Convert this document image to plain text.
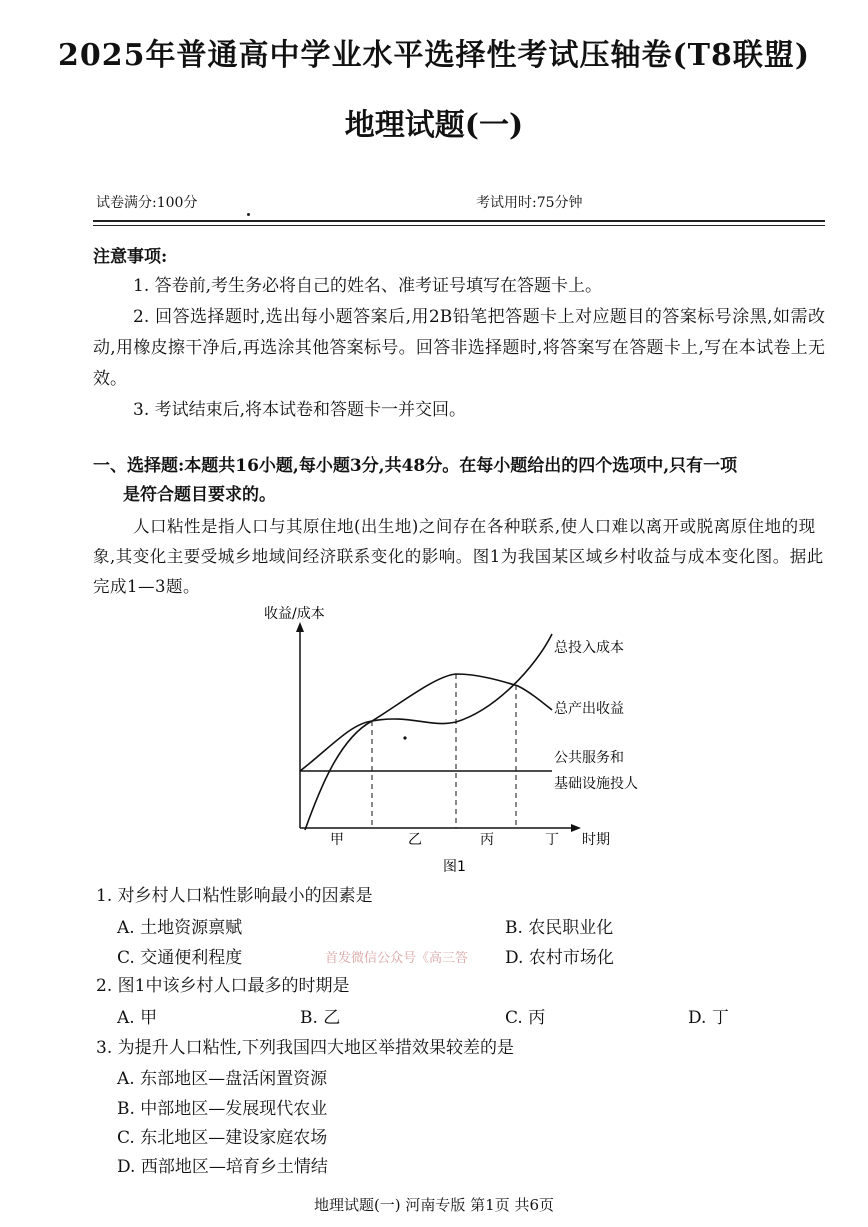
2025年普通高中学业水平选择性考试压轴卷(T8联盟)
地理试题(一)
试卷满分:100分	考试用时:75分钟
注意事项:
1. 答卷前,考生务必将自己的姓名、准考证号填写在答题卡上。
2. 回答选择题时,选出每小题答案后,用2B铅笔把答题卡上对应题目的答案标号涂黑,如需改动,用橡皮擦干净后,再选涂其他答案标号。回答非选择题时,将答案写在答题卡上,写在本试卷上无效。
3. 考试结束后,将本试卷和答题卡一并交回。
一、选择题:本题共16小题,每小题3分,共48分。在每小题给出的四个选项中,只有一项
是符合题目要求的。
人口粘性是指人口与其原住地(出生地)之间存在各种联系,使人口难以离开或脱离原住地的现象,其变化主要受城乡地域间经济联系变化的影响。图1为我国某区域乡村收益与成本变化图。据此完成1—3题。
收益/成本
时期
总投入成本
总产出收益
公共服务和
基础设施投人
甲	乙	丙	丁
图1
1. 对乡村人口粘性影响最小的因素是
A. 土地资源禀赋	B. 农民职业化
C. 交通便利程度	首发微信公众号《高三答 D. 农村市场化
2. 图1中该乡村人口最多的时期是
A. 甲	B. 乙	C. 丙	D. 丁
3. 为提升人口粘性,下列我国四大地区举措效果较差的是
A. 东部地区—盘活闲置资源
B. 中部地区—发展现代农业
C. 东北地区—建设家庭农场
D. 西部地区—培育乡土情结
地理试题(一) 河南专版 第1页 共6页
